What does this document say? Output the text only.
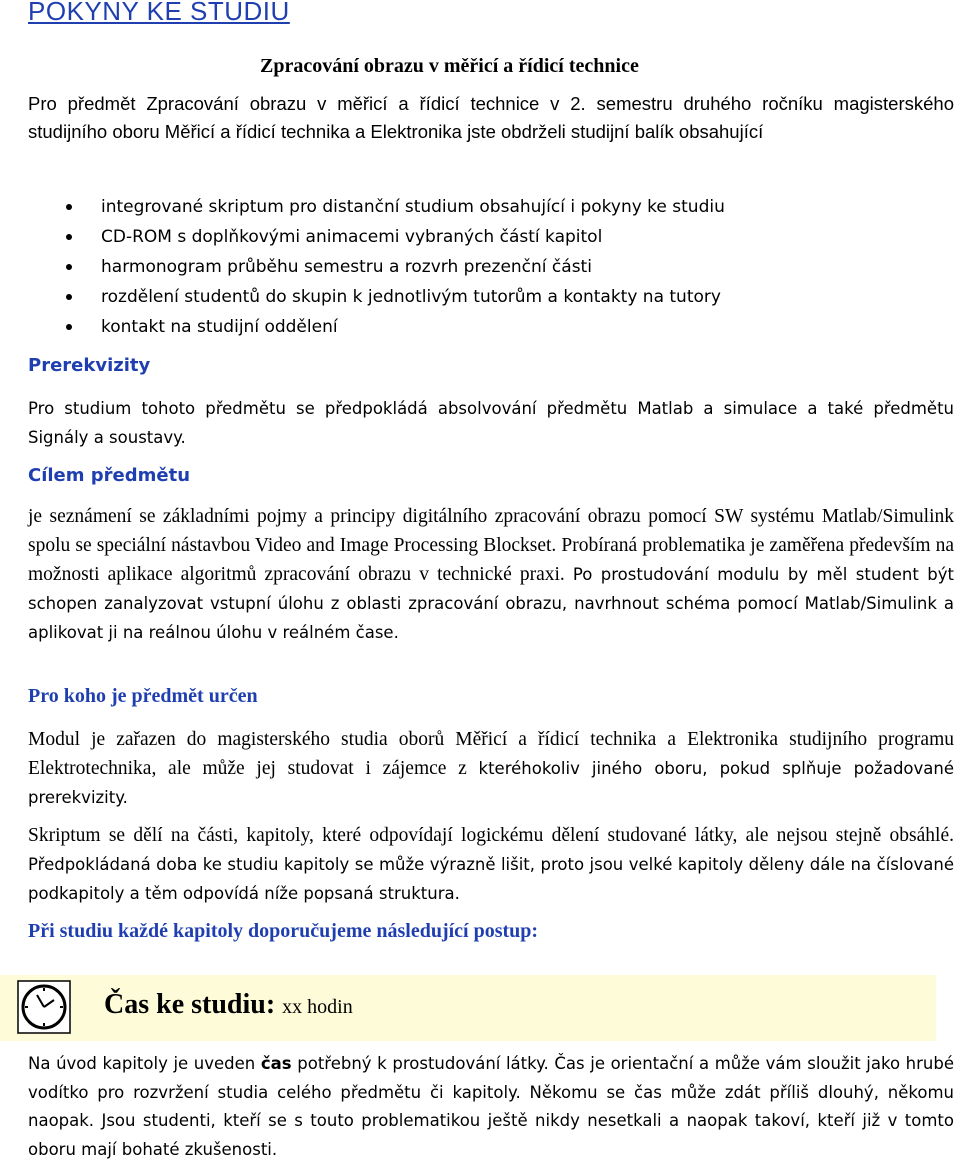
POKYNY KE STUDIU
Zpracování obrazu v měřicí a řídicí technice

Pro předmět Zpracování obrazu v měřicí a řídicí technice v 2. semestru druhého ročníku magisterského studijního oboru Měřicí a řídicí technika a Elektronika jste obdrželi studijní balík obsahující

integrované skriptum pro distanční studium obsahující i pokyny ke studiu
CD-ROM s doplňkovými animacemi vybraných částí kapitol
harmonogram průběhu semestru a rozvrh prezenční části
rozdělení studentů do skupin k jednotlivým tutorům a kontakty na tutory
kontakt na studijní oddělení
Prerekvizity

Pro studium tohoto předmětu se předpokládá absolvování předmětu Matlab a simulace a také předmětu Signály a soustavy.

Cílem předmětu

je seznámení se základními pojmy a principy digitálního zpracování obrazu pomocí SW systému Matlab/Simulink spolu se speciální nástavbou Video and Image Processing Blockset. Probíraná problematika je zaměřena především na možnosti aplikace algoritmů zpracování obrazu v technické praxi. Po prostudování modulu by měl student být schopen zanalyzovat vstupní úlohu z oblasti zpracování obrazu, navrhnout schéma pomocí Matlab/Simulink a aplikovat ji na reálnou úlohu v reálném čase.

Pro koho je předmět určen

Modul je zařazen do magisterského studia oborů Měřicí a řídicí technika a Elektronika studijního programu Elektrotechnika, ale může jej studovat i zájemce z kteréhokoliv jiného oboru, pokud splňuje požadované prerekvizity.

Skriptum se dělí na části, kapitoly, které odpovídají logickému dělení studované látky, ale nejsou stejně obsáhlé. Předpokládaná doba ke studiu kapitoly se může výrazně lišit, proto jsou velké kapitoly děleny dále na číslované podkapitoly a těm odpovídá níže popsaná struktura.

Při studiu každé kapitoly doporučujeme následující postup:
Čas ke studiu: xx hodin

Na úvod kapitoly je uveden čas potřebný k prostudování látky. Čas je orientační a může vám sloužit jako hrubé vodítko pro rozvržení studia celého předmětu či kapitoly. Někomu se čas může zdát příliš dlouhý, někomu naopak. Jsou studenti, kteří se s touto problematikou ještě nikdy nesetkali a naopak takoví, kteří již v tomto oboru mají bohaté zkušenosti.
